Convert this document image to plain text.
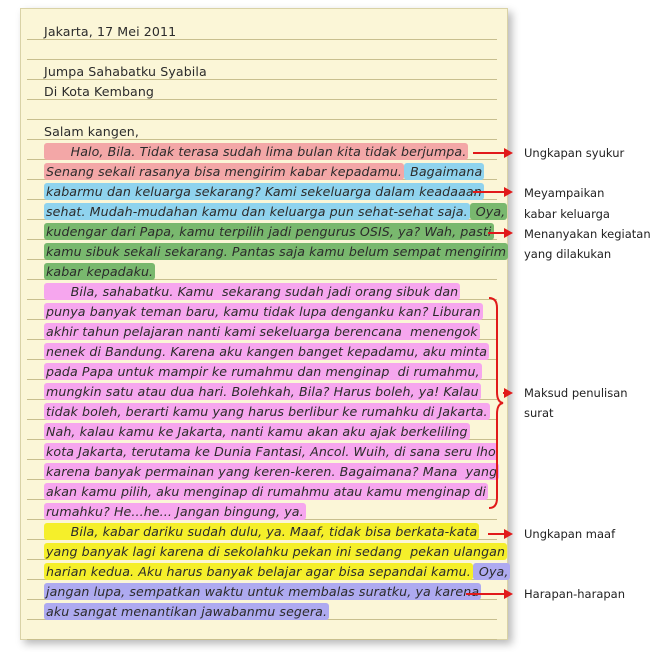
Jakarta, 17 Mei 2011
Jumpa Sahabatku Syabila
Di Kota Kembang
Salam kangen,
Halo, Bila. Tidak terasa sudah lima bulan kita tidak berjumpa.
Senang sekali rasanya bisa mengirim kabar kepadamu. Bagaimana
kabarmu dan keluarga sekarang? Kami sekeluarga dalam keadaaan
sehat. Mudah-mudahan kamu dan keluarga pun sehat-sehat saja. Oya,
kudengar dari Papa, kamu terpilih jadi pengurus OSIS, ya? Wah, pasti
kamu sibuk sekali sekarang. Pantas saja kamu belum sempat mengirim
kabar kepadaku.
Bila, sahabatku. Kamu  sekarang sudah jadi orang sibuk dan
punya banyak teman baru, kamu tidak lupa denganku kan? Liburan
akhir tahun pelajaran nanti kami sekeluarga berencana  menengok
nenek di Bandung. Karena aku kangen banget kepadamu, aku minta
pada Papa untuk mampir ke rumahmu dan menginap  di rumahmu,
mungkin satu atau dua hari. Bolehkah, Bila? Harus boleh, ya! Kalau
tidak boleh, berarti kamu yang harus berlibur ke rumahku di Jakarta.
Nah, kalau kamu ke Jakarta, nanti kamu akan aku ajak berkeliling
kota Jakarta, terutama ke Dunia Fantasi, Ancol. Wuih, di sana seru lho
karena banyak permainan yang keren-keren. Bagaimana? Mana  yang
akan kamu pilih, aku menginap di rumahmu atau kamu menginap di
rumahku? He...he... Jangan bingung, ya.
Bila, kabar dariku sudah dulu, ya. Maaf, tidak bisa berkata-kata
yang banyak lagi karena di sekolahku pekan ini sedang  pekan ulangan
harian kedua. Aku harus banyak belajar agar bisa sepandai kamu. Oya,
jangan lupa, sempatkan waktu untuk membalas suratku, ya karena
aku sangat menantikan jawabanmu segera.
Ungkapan syukur
Meyampaikan
kabar keluarga
Menanyakan kegiatan
yang dilakukan
Maksud penulisan
surat
Ungkapan maaf
Harapan-harapan
